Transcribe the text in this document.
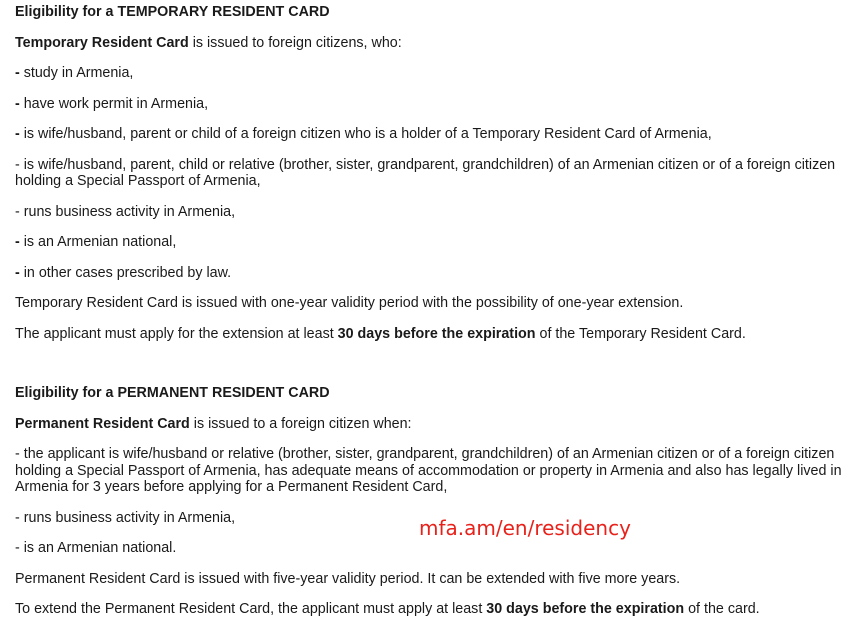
Eligibility for a TEMPORARY RESIDENT CARD
Temporary Resident Card is issued to foreign citizens, who:
- study in Armenia,
- have work permit in Armenia,
- is wife/husband, parent or child of a foreign citizen who is a holder of a Temporary Resident Card of Armenia,
- is wife/husband, parent, child or relative (brother, sister, grandparent, grandchildren) of an Armenian citizen or of a foreign citizen holding a Special Passport of Armenia,
- runs business activity in Armenia,
- is an Armenian national,
- in other cases prescribed by law.
Temporary Resident Card is issued with one-year validity period with the possibility of one-year extension.
The applicant must apply for the extension at least 30 days before the expiration of the Temporary Resident Card.
Eligibility for a PERMANENT RESIDENT CARD
Permanent Resident Card is issued to a foreign citizen when:
- the applicant is wife/husband or relative (brother, sister, grandparent, grandchildren) of an Armenian citizen or of a foreign citizen holding a Special Passport of Armenia, has adequate means of accommodation or property in Armenia and also has legally lived in Armenia for 3 years before applying for a Permanent Resident Card,
- runs business activity in Armenia,
- is an Armenian national.
Permanent Resident Card is issued with five-year validity period. It can be extended with five more years.
To extend the Permanent Resident Card, the applicant must apply at least 30 days before the expiration of the card.
mfa.am/en/residency
